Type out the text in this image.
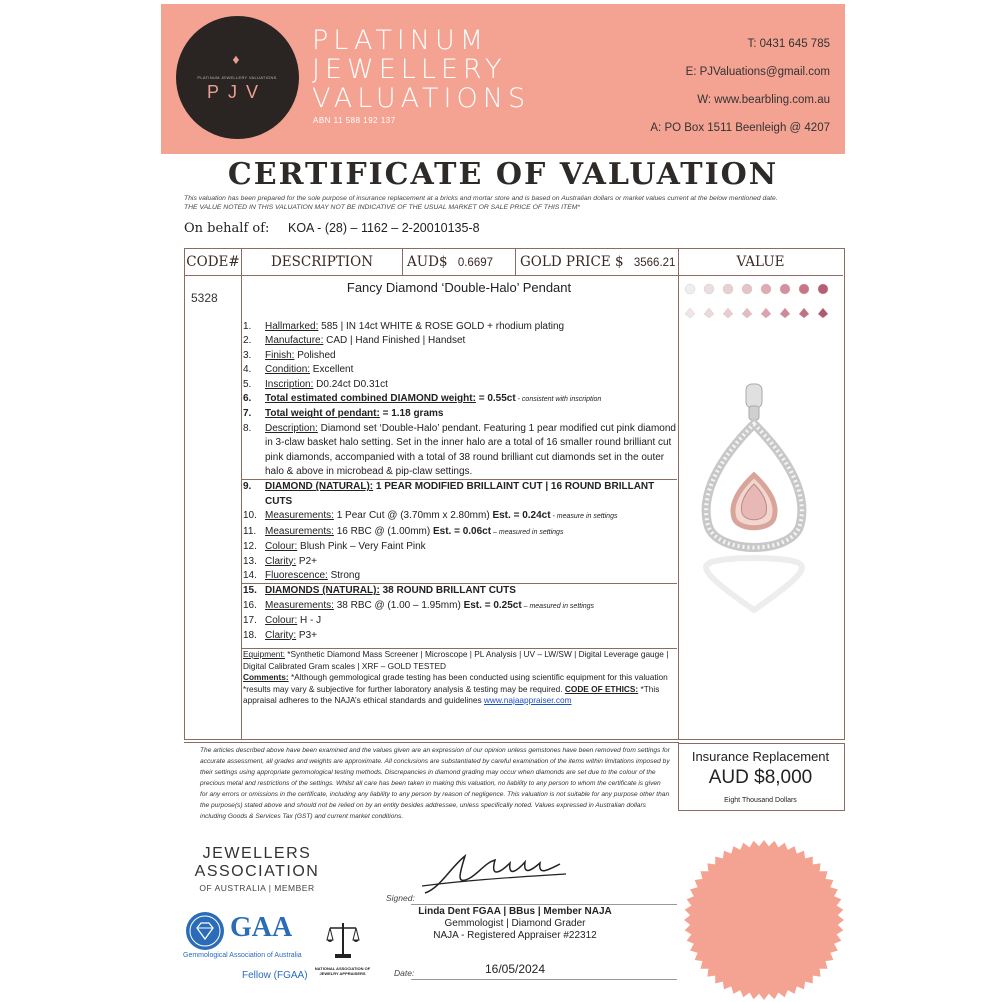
♦
PLATINUM JEWELLERY VALUATIONS
PJV
PLATINUM
JEWELLERY
VALUATIONS
ABN 11 588 192 137
T: 0431 645 785
E: PJValuations@gmail.com
W: www.bearbling.com.au
A: PO Box 1511 Beenleigh @ 4207
CERTIFICATE OF VALUATION
This valuation has been prepared for the sole purpose of insurance replacement at a bricks and mortar store and is based on Australian dollars or market values current at the below mentioned date.
THE VALUE NOTED IN THIS VALUATION MAY NOT BE INDICATIVE OF THE USUAL MARKET OR SALE PRICE OF THIS ITEM*
On behalf of: KOA - (28) – 1162 – 2-20010135-8
CODE#	DESCRIPTION	AUD$ 0.6697	GOLD PRICE $ 3566.21	VALUE
5328
Fancy Diamond ‘Double-Halo’ Pendant
1.	Hallmarked: 585 | IN 14ct WHITE & ROSE GOLD + rhodium plating
2.	Manufacture: CAD | Hand Finished | Handset
3.	Finish: Polished
4.	Condition: Excellent
5.	Inscription: D0.24ct D0.31ct
6.	Total estimated combined DIAMOND weight: = 0.55ct - consistent with inscription
7.	Total weight of pendant: = 1.18 grams
8.	Description: Diamond set ‘Double-Halo’ pendant. Featuring 1 pear modified cut pink diamond in 3-claw basket halo setting. Set in the inner halo are a total of 16 smaller round brilliant cut pink diamonds, accompanied with a total of 38 round brilliant cut diamonds set in the outer halo & above in microbead & pip-claw settings.
9.	DIAMOND (NATURAL): 1 PEAR MODIFIED BRILLAINT CUT | 16 ROUND BRILLANT CUTS
10. Measurements: 1 Pear Cut @ (3.70mm x 2.80mm) Est. = 0.24ct - measure in settings
11. Measurements: 16 RBC @ (1.00mm) Est. = 0.06ct – measured in settings
12. Colour: Blush Pink – Very Faint Pink
13. Clarity: P2+
14. Fluorescence: Strong
15. DIAMONDS (NATURAL): 38 ROUND BRILLANT CUTS
16. Measurements: 38 RBC @ (1.00 – 1.95mm) Est. = 0.25ct – measured in settings
17. Colour: H - J
18. Clarity: P3+
Equipment: *Synthetic Diamond Mass Screener | Microscope | PL Analysis | UV – LW/SW | Digital Leverage gauge | Digital Calibrated Gram scales | XRF – GOLD TESTED
Comments: *Although gemmological grade testing has been conducted using scientific equipment for this valuation *results may vary & subjective for further laboratory analysis & testing may be required. CODE OF ETHICS: *This appraisal adheres to the NAJA’s ethical standards and guidelines www.najaappraiser.com
The articles described above have been examined and the values given are an expression of our opinion unless gemstones have been removed from settings for accurate assessment, all grades and weights are approximate. All conclusions are substantiated by careful examination of the items within limitations imposed by their settings using appropriate gemmological testing methods. Discrepancies in diamond grading may occur when diamonds are set due to the colour of the precious metal and restrictions of the settings. Whilst all care has been taken in making this valuation, no liability to any person to whom the certificate is given for any errors or omissions in the certificate, including any liability to any person by reason of negligence. This valuation is not suitable for any purpose other than the purpose(s) stated above and should not be relied on by an entity besides addressee, unless specifically noted. Values expressed in Australian dollars including Goods & Services Tax (GST) and current market conditions.
Insurance Replacement
AUD $8,000
Eight Thousand Dollars
JEWELLERS
ASSOCIATION
OF AUSTRALIA | MEMBER
GAA
Gemmological Association of Australia
Fellow (FGAA)
NATIONAL ASSOCIATION OF JEWELRY APPRAISERS
Signed:
Linda Dent FGAA | BBus | Member NAJA
Gemmologist | Diamond Grader
NAJA - Registered Appraiser #22312
Date:	16/05/2024
